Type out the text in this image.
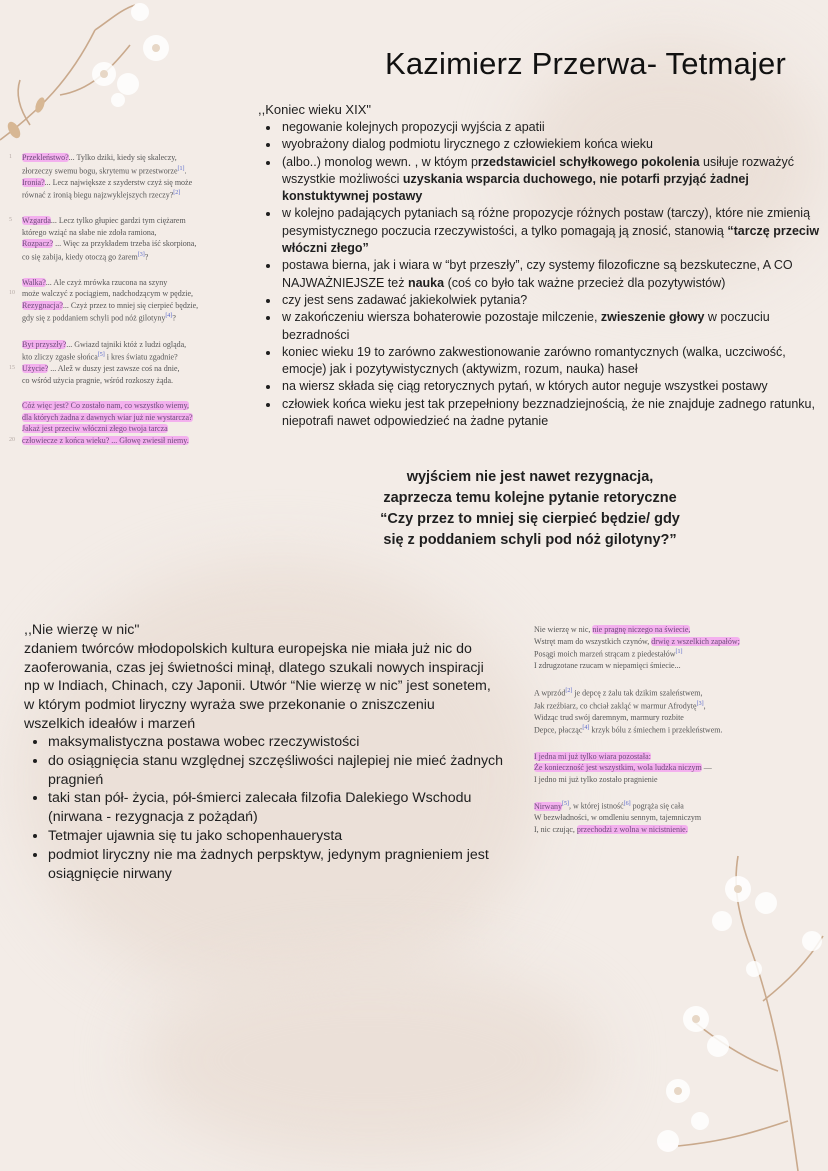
Kazimierz Przerwa- Tetmajer
,,Koniec wieku XIX"
• negowanie kolejnych propozycji wyjścia z apatii
• wyobrażony dialog podmiotu lirycznego z człowiekiem końca wieku
• (albo..) monolog wewn. , w któym przedstawiciel schyłkowego pokolenia usiłuje rozważyć wszystkie możliwości uzyskania wsparcia duchowego, nie potarfi przyjąć żadnej konstuktywnej postawy
• w kolejno padających pytaniach są różne propozycje różnych postaw (tarczy), które nie zmienią pesymistycznego poczucia rzeczywistości, a tylko pomagają ją znosić, stanowią “tarczę przeciw włóczni złego”
• postawa bierna, jak i wiara w “byt przeszły”, czy systemy filozoficzne są bezskuteczne, A CO NAJWAŻNIEJSZE też nauka (coś co było tak ważne przecież dla pozytywistów)
• czy jest sens zadawać jakiekolwiek pytania?
• w zakończeniu wiersza bohaterowie pozostaje milczenie, zwieszenie głowy w poczuciu bezradności
• koniec wieku 19 to zarówno zakwestionowanie zarówno romantycznych (walka, uczciwość, emocje) jak i pozytywistycznych (aktywizm, rozum, nauka) haseł
• na wiersz składa się ciąg retorycznych pytań, w których autor neguje wszystkei postawy
• człowiek końca wieku jest tak przepełniony bezznadziejnością, że nie znajduje zadnego ratunku, niepotrafi nawet odpowiedzieć na żadne pytanie
1 Przekleństwo?... Tylko dziki, kiedy się skaleczy,
złorzeczy swemu bogu, skrytemu w przestworze[1].
Ironia?... Lecz największe z szyderstw czyż się może
równać z ironią biegu najzwyklejszych rzeczy?[2]
5 Wzgarda... Lecz tylko głupiec gardzi tym ciężarem
którego wziąć na słabe nie zdoła ramiona,
Rozpacz? ... Więc za przykładem trzeba iść skorpiona,
co się zabija, kiedy otoczą go żarem[3]?
Walka?... Ale czyż mrówka rzucona na szyny
10 może walczyć z pociągiem, nadchodzącym w pędzie,
Rezygnacja?... Czyż przez to mniej się cierpieć będzie,
gdy się z poddaniem schyli pod nóż gilotyny[4]?
Byt przyszły?... Gwiazd tajniki któż z ludzi ogląda,
kto zliczy zgasłe słońca[5] i kres światu zgadnie?
15 Użycie? ... Alež w duszy jest zawsze coś na dnie,
co wśród użycia pragnie, wśród rozkoszy żąda.
Cóż więc jest? Co zostało nam, co wszystko wiemy,
dla których żadna z dawnych wiar już nie wystarcza?
Jakaż jest przeciw włóczni złego twoja tarcza
20 człowiecze z końca wieku? ... Głowę zwiesił niemy.
wyjściem nie jest nawet rezygnacja,
zaprzecza temu kolejne pytanie retoryczne
“Czy przez to mniej się cierpieć będzie/ gdy
się z poddaniem schyli pod nóż gilotyny?”
,,Nie wierzę w nic"
zdaniem twórców młodopolskich kultura europejska nie miała już nic do
zaoferowania, czas jej świetności minął, dlatego szukali nowych inspiracji
np w Indiach, Chinach, czy Japonii. Utwór “Nie wierzę w nic” jest sonetem,
w którym podmiot liryczny wyraża swe przekonanie o zniszczeniu
wszelkich ideałów i marzeń
• maksymalistyczna postawa wobec rzeczywistości
• do osiągnięcia stanu względnej szczęśliwości najlepiej nie mieć żadnych pragnień
• taki stan pół- życia, pół-śmierci zalecała filzofia Dalekiego Wschodu (nirwana - rezygnacja z pożądań)
• Tetmajer ujawnia się tu jako schopenhauerysta
• podmiot liryczny nie ma żadnych perpsktyw, jedynym pragnieniem jest osiągnięcie nirwany
Nie wierzę w nic, nie pragnę niczego na świecie,
Wstręt mam do wszystkich czynów, drwię z wszelkich zapałów;
Posągi moich marzeń strącam z piedestałów[1]
I zdrugzotane rzucam w niepamięci śmiecie...
A wprzód[2] je depcę z żalu tak dzikim szaleństwem,
Jak rzeźbiarz, co chciał zakląć w marmur Afrodytę[3],
Widząc trud swój daremnym, marmury rozbite
Depce, płacząc[4] krzyk bólu z śmiechem i przekleństwem.
I jedna mi już tylko wiara pozostała:
Że konieczność jest wszystkim, wola ludzka niczym —
I jedno mi już tylko zostało pragnienie
Nirwany[5], w której istność[6] pogrąża się cała
W bezwładności, w omdleniu sennym, tajemniczym
I, nic czując, przechodzi z wolna w nicistnienie.
